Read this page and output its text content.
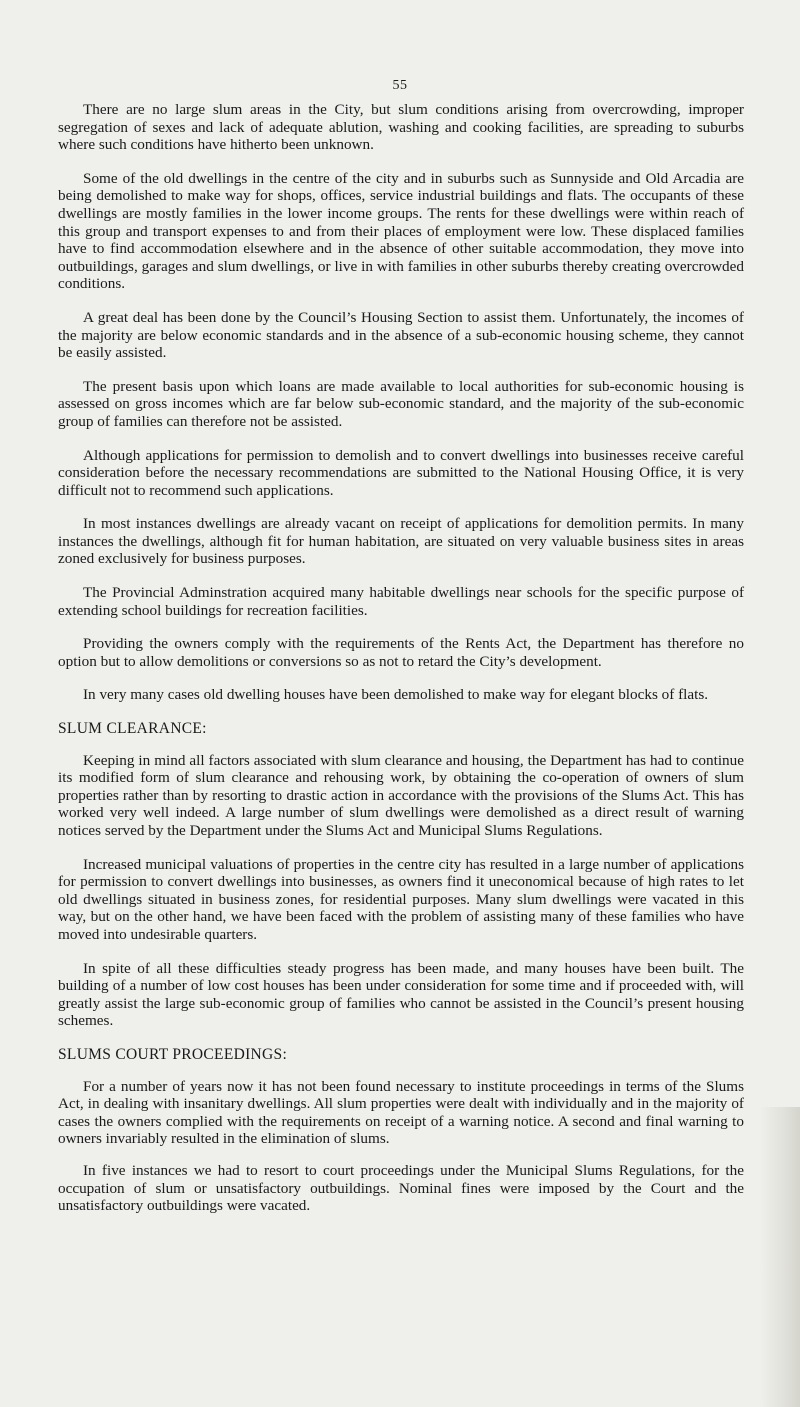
55

There are no large slum areas in the City, but slum conditions arising from overcrowding, improper segregation of sexes and lack of adequate ablution, washing and cooking facilities, are spreading to suburbs where such conditions have hitherto been unknown.

Some of the old dwellings in the centre of the city and in suburbs such as Sunnyside and Old Arcadia are being demolished to make way for shops, offices, service industrial buildings and flats. The occupants of these dwellings are mostly families in the lower income groups. The rents for these dwellings were within reach of this group and transport expenses to and from their places of employment were low. These displaced families have to find accommodation elsewhere and in the absence of other suitable accommodation, they move into outbuildings, garages and slum dwellings, or live in with families in other suburbs thereby creating overcrowded conditions.

A great deal has been done by the Council’s Housing Section to assist them. Unfortunately, the incomes of the majority are below economic standards and in the absence of a sub-economic housing scheme, they cannot be easily assisted.

The present basis upon which loans are made available to local authorities for sub-economic housing is assessed on gross incomes which are far below sub-economic standard, and the majority of the sub-economic group of families can therefore not be assisted.

Although applications for permission to demolish and to convert dwellings into businesses receive careful consideration before the necessary recommendations are submitted to the National Housing Office, it is very difficult not to recommend such applications.

In most instances dwellings are already vacant on receipt of applications for demolition permits. In many instances the dwellings, although fit for human habitation, are situated on very valuable business sites in areas zoned exclusively for business purposes.

The Provincial Adminstration acquired many habitable dwellings near schools for the specific purpose of extending school buildings for recreation facilities.

Providing the owners comply with the requirements of the Rents Act, the Department has therefore no option but to allow demolitions or conversions so as not to retard the City’s development.

In very many cases old dwelling houses have been demolished to make way for elegant blocks of flats.

SLUM CLEARANCE:

Keeping in mind all factors associated with slum clearance and housing, the Department has had to continue its modified form of slum clearance and rehousing work, by obtaining the co-operation of owners of slum properties rather than by resorting to drastic action in accordance with the provisions of the Slums Act. This has worked very well indeed. A large number of slum dwellings were demolished as a direct result of warning notices served by the Department under the Slums Act and Municipal Slums Regulations.

Increased municipal valuations of properties in the centre city has resulted in a large number of applications for permission to convert dwellings into businesses, as owners find it uneconomical because of high rates to let old dwellings situated in business zones, for residential purposes. Many slum dwellings were vacated in this way, but on the other hand, we have been faced with the problem of assisting many of these families who have moved into undesirable quarters.

In spite of all these difficulties steady progress has been made, and many houses have been built. The building of a number of low cost houses has been under consideration for some time and if proceeded with, will greatly assist the large sub-economic group of families who cannot be assisted in the Council’s present housing schemes.

SLUMS COURT PROCEEDINGS:

For a number of years now it has not been found necessary to institute proceedings in terms of the Slums Act, in dealing with insanitary dwellings. All slum properties were dealt with individually and in the majority of cases the owners complied with the requirements on receipt of a warning notice. A second and final warning to owners invariably resulted in the elimination of slums.

In five instances we had to resort to court proceedings under the Municipal Slums Regulations, for the occupation of slum or unsatisfactory outbuildings. Nominal fines were imposed by the Court and the unsatisfactory outbuildings were vacated.
